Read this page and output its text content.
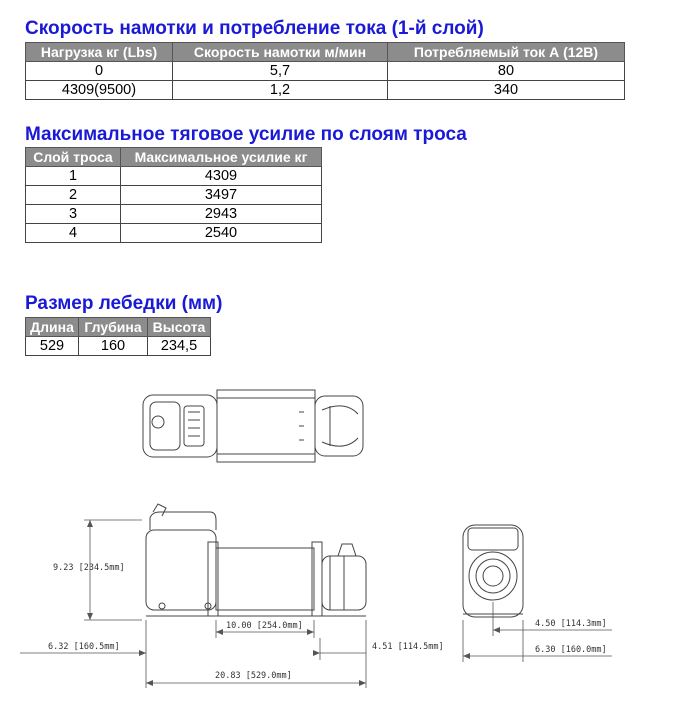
Скорость намотки и потребление тока (1-й слой)
Нагрузка кг (Lbs)	Скорость намотки м/мин	Потребляемый ток А (12В)
0	5,7	80
4309(9500)	1,2	340
Максимальное тяговое усилие по слоям троса
Слой троса	Максимальное усилие кг
1	4309
2	3497
3	2943
4	2540
Размер лебедки (мм)
Длина	Глубина	Высота
529	160	234,5
9.23 [234.5mm]
10.00 [254.0mm]
6.32 [160.5mm]	4.51 [114.5mm]
20.83 [529.0mm]
4.50 [114.3mm]
6.30 [160.0mm]
